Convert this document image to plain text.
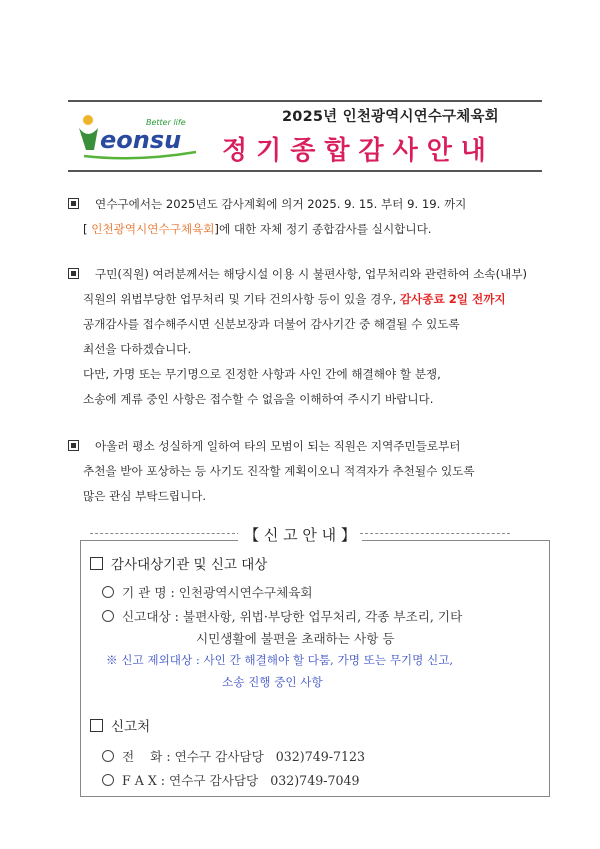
eonsu
Better life	2025년 인천광역시연수구체육회
정기종합감사안내
연수구에서는 2025년도 감사계획에 의거 2025. 9. 15. 부터 9. 19. 까지
[ 인천광역시연수구체육회]에 대한 자체 정기 종합감사를 실시합니다.
구민(직원) 여러분께서는 해당시설 이용 시 불편사항, 업무처리와 관련하여 소속(내부)
직원의 위법부당한 업무처리 및 기타 건의사항 등이 있을 경우, 감사종료 2일 전까지
공개감사를 접수해주시면 신분보장과 더불어 감사기간 중 해결될 수 있도록
최선을 다하겠습니다.
다만, 가명 또는 무기명으로 진정한 사항과 사인 간에 해결해야 할 분쟁,
소송에 계류 중인 사항은 접수할 수 없음을 이해하여 주시기 바랍니다.
아울러 평소 성실하게 일하여 타의 모범이 되는 직원은 지역주민들로부터
추천을 받아 포상하는 등 사기도 진작할 계획이오니 적격자가 추천될수 있도록
많은 관심 부탁드립니다.
【 신 고 안 내 】
감사대상기관 및 신고 대상
기 관 명 : 인천광역시연수구체육회
신고대상 : 불편사항, 위법·부당한 업무처리, 각종 부조리, 기타
시민생활에 불편을 초래하는 사항 등
※ 신고 제외대상 : 사인 간 해결해야 할 다툼, 가명 또는 무기명 신고,
소송 진행 중인 사항
신고처
전    화 : 연수구 감사담당   032)749-7123
F A X : 연수구 감사담당   032)749-7049
